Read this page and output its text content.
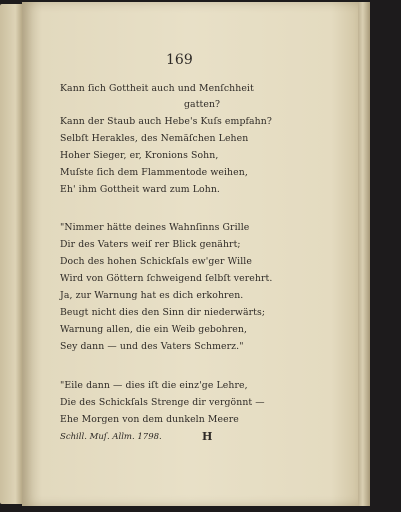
169
Kann ſich Gottheit auch und Menſchheit
gatten?
Kann der Staub auch Hebe's Kuſs empfahn?
Selbſt Herakles, des Nemäſchen Lehen
Hoher Sieger, er, Kronions Sohn,
Muſste ſich dem Flammentode weihen,
Eh' ihm Gottheit ward zum Lohn.
"Nimmer hätte deines Wahnſinns Grille
Dir des Vaters weiſ rer Blick genährt;
Doch des hohen Schickſals ew'ger Wille
Wird von Göttern ſchweigend ſelbſt verehrt.
Ja, zur Warnung hat es dich erkohren.
Beugt nicht dies den Sinn dir niederwärts;
Warnung allen, die ein Weib gebohren,
Sey dann — und des Vaters Schmerz."
"Eile dann — dies iſt die einz'ge Lehre,
Die des Schickſals Strenge dir vergönnt —
Ehe Morgen von dem dunkeln Meere
Schill. Muſ. Allm. 1798.	H
